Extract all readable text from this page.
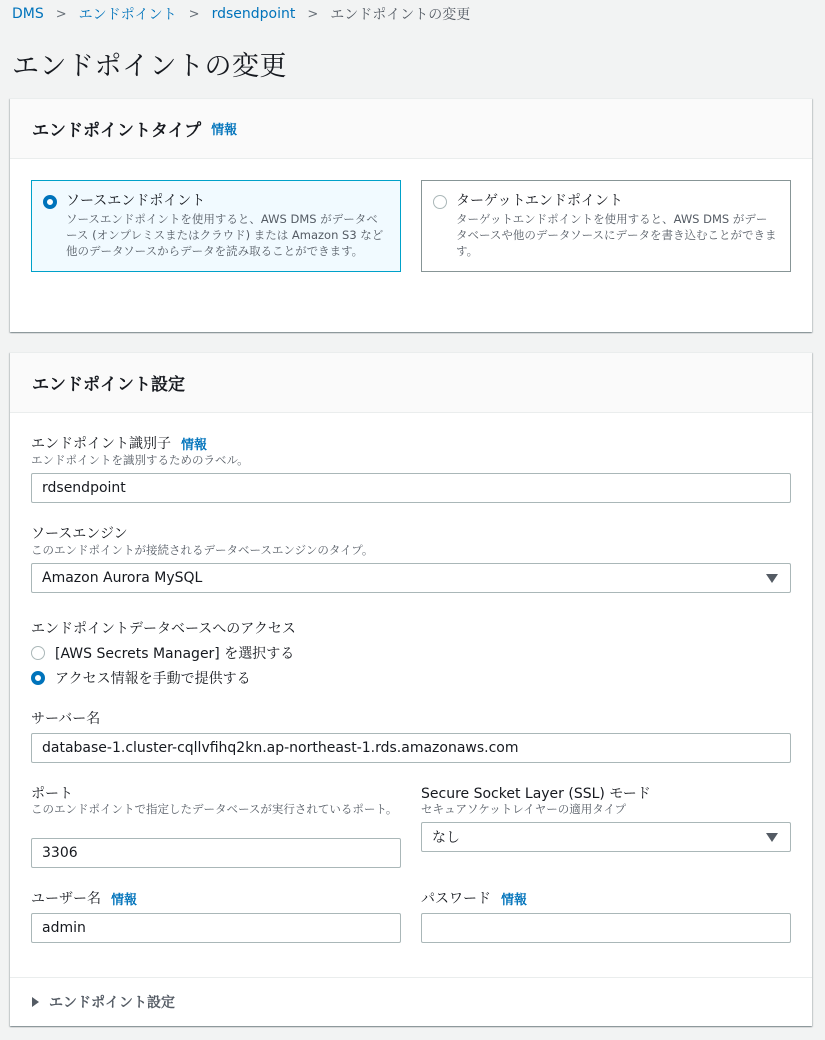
DMS > エンドポイント > rdsendpoint > エンドポイントの変更
エンドポイントの変更
エンドポイントタイプ 情報
ソースエンドポイント
ソースエンドポイントを使用すると、AWS DMS がデータベース (オンプレミスまたはクラウド) または Amazon S3 など他のデータソースからデータを読み取ることができます。
ターゲットエンドポイント
ターゲットエンドポイントを使用すると、AWS DMS がデータベースや他のデータソースにデータを書き込むことができます。
エンドポイント設定
エンドポイント識別子 情報
エンドポイントを識別するためのラベル。
rdsendpoint
ソースエンジン
このエンドポイントが接続されるデータベースエンジンのタイプ。
Amazon Aurora MySQL
エンドポイントデータベースへのアクセス
[AWS Secrets Manager] を選択する
アクセス情報を手動で提供する
サーバー名
database-1.cluster-cqllvfihq2kn.ap-northeast-1.rds.amazonaws.com
ポート
このエンドポイントで指定したデータベースが実行されているポート。
3306
Secure Socket Layer (SSL) モード
セキュアソケットレイヤーの適用タイプ
なし
ユーザー名 情報
admin	パスワード 情報
エンドポイント設定
